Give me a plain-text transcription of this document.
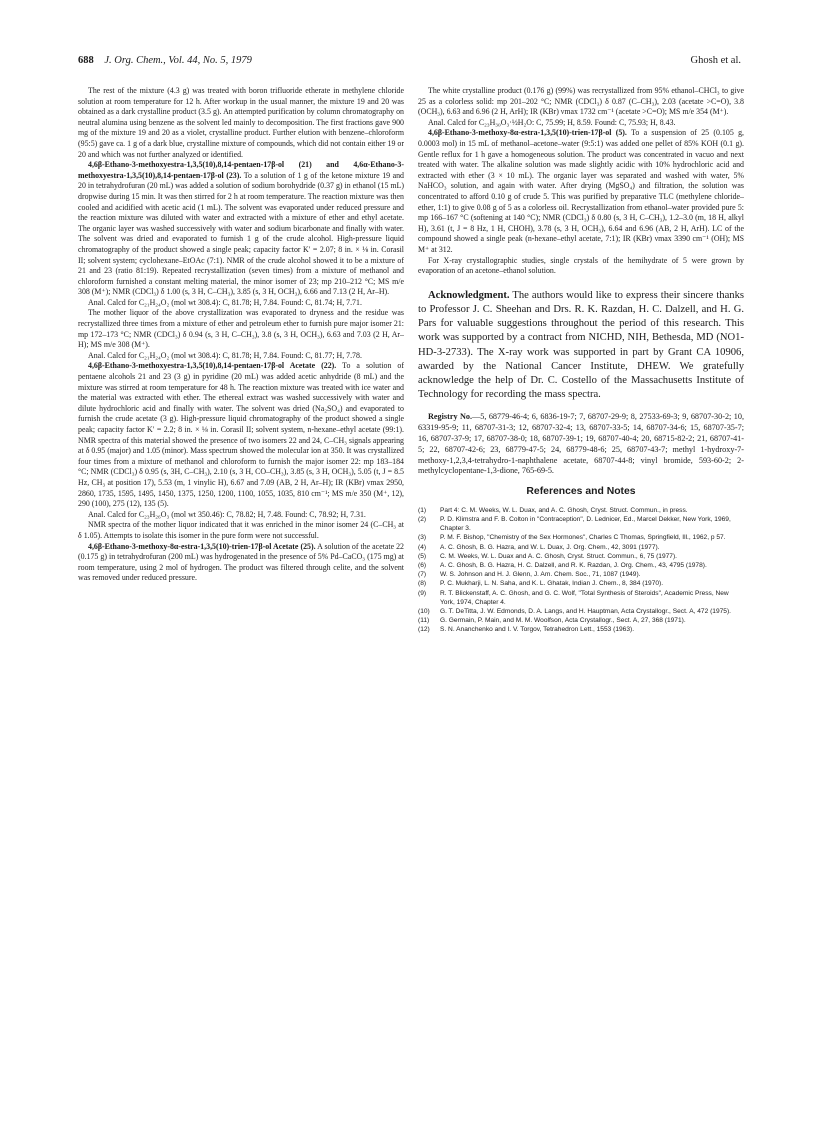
688 J. Org. Chem., Vol. 44, No. 5, 1979	Ghosh et al.

The rest of the mixture (4.3 g) was treated with boron trifluoride etherate in methylene chloride solution at room temperature for 12 h. After workup in the usual manner, the mixture 19 and 20 was obtained as a dark crystalline product (3.5 g). An attempted purification by column chromatography on neutral alumina using benzene as the solvent led mainly to decomposition. The first fractions gave 900 mg of the mixture 19 and 20 as a violet, crystalline product. Further elution with benzene–chloroform (95:5) gave ca. 1 g of a dark blue, crystalline mixture of compounds, which did not contain either 19 or 20 and which was not further analyzed or identified.

4,6β-Ethano-3-methoxyestra-1,3,5(10),8,14-pentaen-17β-ol (21) and 4,6α-Ethano-3-methoxyestra-1,3,5(10),8,14-pentaen-17β-ol (23). To a solution of 1 g of the ketone mixture 19 and 20 in tetrahydrofuran (20 mL) was added a solution of sodium borohydride (0.37 g) in ethanol (15 mL) dropwise during 15 min. It was then stirred for 2 h at room temperature. The reaction mixture was then cooled and acidified with acetic acid (1 mL). The solvent was evaporated under reduced pressure and the reaction mixture was diluted with water and extracted with a mixture of ether and ethyl acetate. The organic layer was washed successively with water and sodium bicarbonate and finally with water. The solvent was dried and evaporated to furnish 1 g of the crude alcohol. High-pressure liquid chromatography of the product showed a single peak; capacity factor K′ = 2.07; 8 in. × ⅛ in. Corasil II; solvent system; cyclohexane–EtOAc (7:1). NMR of the crude alcohol showed it to be a mixture of 21 and 23 (ratio 81:19). Repeated recrystallization (seven times) from a mixture of methanol and chloroform furnished a constant melting material, the minor isomer of 23; mp 210–212 °C; MS m/e 308 (M⁺); NMR (CDCl₃) δ 1.00 (s, 3 H, C–CH₃), 3.85 (s, 3 H, OCH₃), 6.66 and 7.13 (2 H, Ar–H).

Anal. Calcd for C₂₁H₂₄O₂ (mol wt 308.4): C, 81.78; H, 7.84. Found: C, 81.74; H, 7.71.

The mother liquor of the above crystallization was evaporated to dryness and the residue was recrystallized three times from a mixture of ether and petroleum ether to furnish pure major isomer 21: mp 172–173 °C; NMR (CDCl₃) δ 0.94 (s, 3 H, C–CH₃), 3.8 (s, 3 H, OCH₃), 6.63 and 7.03 (2 H, Ar–H); MS m/e 308 (M⁺).

Anal. Calcd for C₂₁H₂₄O₂ (mol wt 308.4): C, 81.78; H, 7.84. Found: C, 81.77; H, 7.78.

4,6β-Ethano-3-methoxyestra-1,3,5(10),8,14-pentaen-17β-ol Acetate (22). To a solution of pentaene alcohols 21 and 23 (3 g) in pyridine (20 mL) was added acetic anhydride (8 mL) and the mixture was stirred at room temperature for 48 h. The reaction mixture was treated with ice water and the material was extracted with ether. The ethereal extract was washed successively with water and dilute hydrochloric acid and finally with water. The solvent was dried (Na₂SO₄) and evaporated to furnish the crude acetate (3 g). High-pressure liquid chromatography of the product showed a single peak; capacity factor K′ = 2.2; 8 in. × ⅛ in. Corasil II; solvent system, n-hexane–ethyl acetate (99:1). NMR spectra of this material showed the presence of two isomers 22 and 24, C–CH₃ signals appearing at δ 0.95 (major) and 1.05 (minor). Mass spectrum showed the molecular ion at 350. It was crystallized four times from a mixture of methanol and chloroform to furnish the major isomer 22: mp 183–184 °C; NMR (CDCl₃) δ 0.95 (s, 3H, C–CH₃), 2.10 (s, 3 H, CO–CH₃), 3.85 (s, 3 H, OCH₃), 5.05 (t, J = 8.5 Hz, CH₃ at position 17), 5.53 (m, 1 vinylic H), 6.67 and 7.09 (AB, 2 H, Ar–H); IR (KBr) νmax 2950, 2860, 1735, 1595, 1495, 1450, 1375, 1250, 1200, 1100, 1055, 1035, 810 cm⁻¹; MS m/e 350 (M⁺, 12), 290 (100), 275 (12), 135 (5).

Anal. Calcd for C₂₃H₂₆O₃ (mol wt 350.46): C, 78.82; H, 7.48. Found: C, 78.92; H, 7.31.

NMR spectra of the mother liquor indicated that it was enriched in the minor isomer 24 (C–CH₃ at δ 1.05). Attempts to isolate this isomer in the pure form were not successful.

4,6β-Ethano-3-methoxy-8α-estra-1,3,5(10)-trien-17β-ol Acetate (25). A solution of the acetate 22 (0.175 g) in tetrahydrofuran (200 mL) was hydrogenated in the presence of 5% Pd–CaCO₃ (175 mg) at room temperature, using 2 mol of hydrogen. The product was filtered through celite, and the solvent was removed under reduced pressure.

The white crystalline product (0.176 g) (99%) was recrystallized from 95% ethanol–CHCl₃ to give 25 as a colorless solid: mp 201–202 °C; NMR (CDCl₃) δ 0.87 (C–CH₃), 2.03 (acetate >C=O), 3.8 (OCH₃), 6.63 and 6.96 (2 H, ArH); IR (KBr) νmax 1732 cm⁻¹ (acetate >C=O); MS m/e 354 (M⁺).

Anal. Calcd for C₂₃H₃₀O₃·½H₂O: C, 75.99; H, 8.59. Found: C, 75.93; H, 8.43.

4,6β-Ethano-3-methoxy-8α-estra-1,3,5(10)-trien-17β-ol (5). To a suspension of 25 (0.105 g, 0.0003 mol) in 15 mL of methanol–acetone–water (9:5:1) was added one pellet of 85% KOH (0.1 g). Gentle reflux for 1 h gave a homogeneous solution. The product was concentrated in vacuo and next treated with water. The alkaline solution was made slightly acidic with 10% hydrochloric acid and extracted with ether (3 × 10 mL). The organic layer was separated and washed with water, 5% NaHCO₃ solution, and again with water. After drying (MgSO₄) and filtration, the solution was concentrated to afford 0.10 g of crude 5. This was purified by preparative TLC (methylene chloride–ether, 1:1) to give 0.08 g of 5 as a colorless oil. Recrystallization from ethanol–water provided pure 5: mp 166–167 °C (softening at 140 °C); NMR (CDCl₃) δ 0.80 (s, 3 H, C–CH₃), 1.2–3.0 (m, 18 H, alkyl H), 3.61 (t, J = 8 Hz, 1 H, CHOH), 3.78 (s, 3 H, OCH₃), 6.64 and 6.96 (AB, 2 H, ArH). LC of the compound showed a single peak (n-hexane–ethyl acetate, 7:1); IR (KBr) νmax 3390 cm⁻¹ (OH); MS M⁺ at 312.

For X-ray crystallographic studies, single crystals of the hemihydrate of 5 were grown by evaporation of an acetone–ethanol solution.

Acknowledgment. The authors would like to express their sincere thanks to Professor J. C. Sheehan and Drs. R. K. Razdan, H. C. Dalzell, and H. G. Pars for valuable suggestions throughout the period of this research. This work was supported by a contract from NICHD, NIH, Bethesda, MD (NO1-HD-3-2733). The X-ray work was supported in part by Grant CA 10906, awarded by the National Cancer Institute, DHEW. We gratefully acknowledge the help of Dr. C. Costello of the Massachusetts Institute of Technology for recording the mass spectra.

Registry No.—5, 68779-46-4; 6, 6836-19-7; 7, 68707-29-9; 8, 27533-69-3; 9, 68707-30-2; 10, 63319-95-9; 11, 68707-31-3; 12, 68707-32-4; 13, 68707-33-5; 14, 68707-34-6; 15, 68707-35-7; 16, 68707-37-9; 17, 68707-38-0; 18, 68707-39-1; 19, 68707-40-4; 20, 68715-82-2; 21, 68707-41-5; 22, 68707-42-6; 23, 68779-47-5; 24, 68779-48-6; 25, 68707-43-7; methyl 1-hydroxy-7-methoxy-1,2,3,4-tetrahydro-1-naphthalene acetate, 68707-44-8; vinyl bromide, 593-60-2; 2-methylcyclopentane-1,3-dione, 765-69-5.

References and Notes
(1) Part 4: C. M. Weeks, W. L. Duax, and A. C. Ghosh, Cryst. Struct. Commun., in press.
(2) P. D. Klimstra and F. B. Colton in "Contraception", D. Lednicer, Ed., Marcel Dekker, New York, 1969, Chapter 3.
(3) P. M. F. Bishop, "Chemistry of the Sex Hormones", Charles C Thomas, Springfield, Ill., 1962, p 57.
(4) A. C. Ghosh, B. G. Hazra, and W. L. Duax, J. Org. Chem., 42, 3091 (1977).
(5) C. M. Weeks, W. L. Duax and A. C. Ghosh, Cryst. Struct. Commun., 6, 75 (1977).
(6) A. C. Ghosh, B. G. Hazra, H. C. Dalzell, and R. K. Razdan, J. Org. Chem., 43, 4795 (1978).
(7) W. S. Johnson and H. J. Glenn, J. Am. Chem. Soc., 71, 1087 (1949).
(8) P. C. Mukharji, L. N. Saha, and K. L. Ghatak, Indian J. Chem., 8, 384 (1970).
(9) R. T. Blickenstaff, A. C. Ghosh, and G. C. Wolf, "Total Synthesis of Steroids", Academic Press, New York, 1974, Chapter 4.
(10) G. T. DeTitta, J. W. Edmonds, D. A. Langs, and H. Hauptman, Acta Crystallogr., Sect. A, 472 (1975).
(11) G. Germain, P. Main, and M. M. Woolfson, Acta Crystallogr., Sect. A, 27, 368 (1971).
(12) S. N. Ananchenko and I. V. Torgov, Tetrahedron Lett., 1553 (1963).
